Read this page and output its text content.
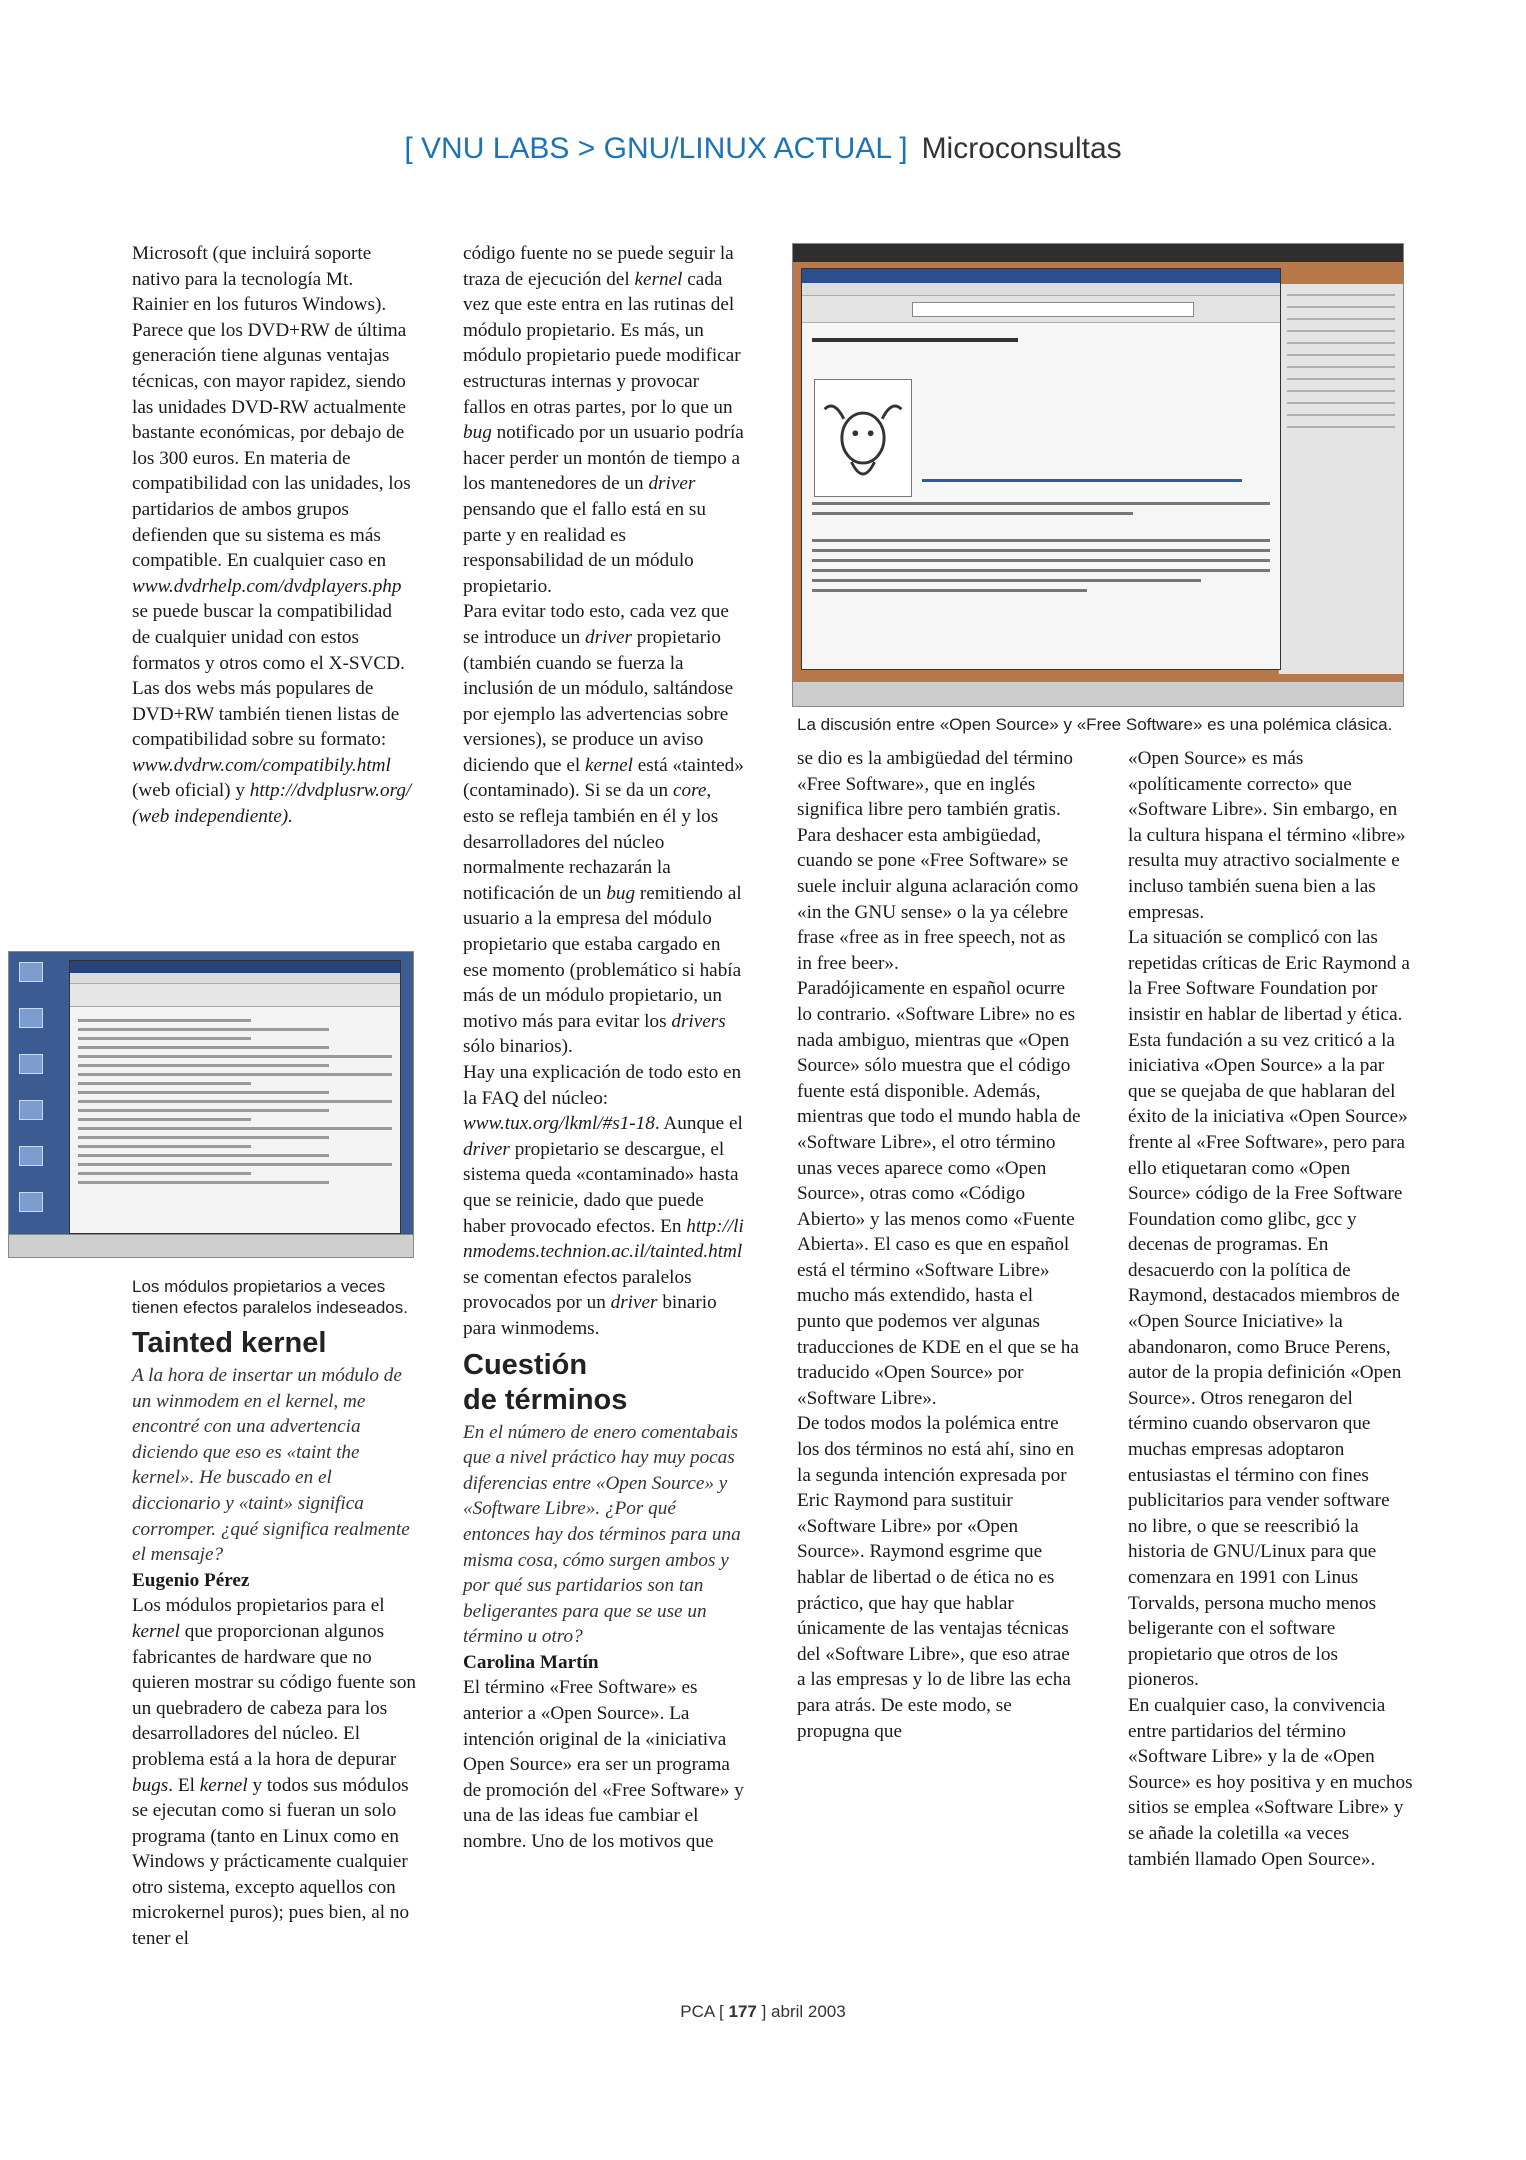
[ VNU LABS > GNU/LINUX ACTUAL ] Microconsultas

Microsoft (que incluirá soporte nativo para la tecnología Mt. Rainier en los futuros Windows). Parece que los DVD+RW de última generación tiene algunas ventajas técnicas, con mayor rapidez, siendo las unidades DVD-RW actualmente bastante económicas, por debajo de los 300 euros. En materia de compatibilidad con las unidades, los partidarios de ambos grupos defienden que su sistema es más compatible. En cualquier caso en www.dvdrhelp.com/dvdplayers.php se puede buscar la compatibilidad de cualquier unidad con estos formatos y otros como el X-SVCD. Las dos webs más populares de DVD+RW también tienen listas de compatibilidad sobre su formato: www.dvdrw.com/compatibily.html (web oficial) y http://dvdplusrw.org/ (web independiente).

Los módulos propietarios a veces tienen efectos paralelos indeseados.
Tainted kernel

A la hora de insertar un módulo de un winmodem en el kernel, me encontré con una advertencia diciendo que eso es «taint the kernel». He buscado en el diccionario y «taint» significa corromper. ¿qué significa realmente el mensaje?

Eugenio Pérez

Los módulos propietarios para el kernel que proporcionan algunos fabricantes de hardware que no quieren mostrar su código fuente son un quebradero de cabeza para los desarrolladores del núcleo. El problema está a la hora de depurar bugs. El kernel y todos sus módulos se ejecutan como si fueran un solo programa (tanto en Linux como en Windows y prácticamente cualquier otro sistema, excepto aquellos con microkernel puros); pues bien, al no tener el

código fuente no se puede seguir la traza de ejecución del kernel cada vez que este entra en las rutinas del módulo propietario. Es más, un módulo propietario puede modificar estructuras internas y provocar fallos en otras partes, por lo que un bug notificado por un usuario podría hacer perder un montón de tiempo a los mantenedores de un driver pensando que el fallo está en su parte y en realidad es responsabilidad de un módulo propietario.

Para evitar todo esto, cada vez que se introduce un driver propietario (también cuando se fuerza la inclusión de un módulo, saltándose por ejemplo las advertencias sobre versiones), se produce un aviso diciendo que el kernel está «tainted» (contaminado). Si se da un core, esto se refleja también en él y los desarrolladores del núcleo normalmente rechazarán la notificación de un bug remitiendo al usuario a la empresa del módulo propietario que estaba cargado en ese momento (problemático si había más de un módulo propietario, un motivo más para evitar los drivers sólo binarios).

Hay una explicación de todo esto en la FAQ del núcleo: www.tux.org/lkml/#s1-18. Aunque el driver propietario se descargue, el sistema queda «contaminado» hasta que se reinicie, dado que puede haber provocado efectos. En http://linmodems.technion.ac.il/tainted.html se comentan efectos paralelos provocados por un driver binario para winmodems.

Cuestión
de términos

En el número de enero comentabais que a nivel práctico hay muy pocas diferencias entre «Open Source» y «Software Libre». ¿Por qué entonces hay dos términos para una misma cosa, cómo surgen ambos y por qué sus partidarios son tan beligerantes para que se use un término u otro?

Carolina Martín

El término «Free Software» es anterior a «Open Source». La intención original de la «iniciativa Open Source» era ser un programa de promoción del «Free Software» y una de las ideas fue cambiar el nombre. Uno de los motivos que

La discusión entre «Open Source» y «Free Software» es una polémica clásica.

se dio es la ambigüedad del término «Free Software», que en inglés significa libre pero también gratis. Para deshacer esta ambigüedad, cuando se pone «Free Software» se suele incluir alguna aclaración como «in the GNU sense» o la ya célebre frase «free as in free speech, not as in free beer».

Paradójicamente en español ocurre lo contrario. «Software Libre» no es nada ambiguo, mientras que «Open Source» sólo muestra que el código fuente está disponible. Además, mientras que todo el mundo habla de «Software Libre», el otro término unas veces aparece como «Open Source», otras como «Código Abierto» y las menos como «Fuente Abierta». El caso es que en español está el término «Software Libre» mucho más extendido, hasta el punto que podemos ver algunas traducciones de KDE en el que se ha traducido «Open Source» por «Software Libre».

De todos modos la polémica entre los dos términos no está ahí, sino en la segunda intención expresada por Eric Raymond para sustituir «Software Libre» por «Open Source». Raymond esgrime que hablar de libertad o de ética no es práctico, que hay que hablar únicamente de las ventajas técnicas del «Software Libre», que eso atrae a las empresas y lo de libre las echa para atrás. De este modo, se propugna que

«Open Source» es más «políticamente correcto» que «Software Libre». Sin embargo, en la cultura hispana el término «libre» resulta muy atractivo socialmente e incluso también suena bien a las empresas.

La situación se complicó con las repetidas críticas de Eric Raymond a la Free Software Foundation por insistir en hablar de libertad y ética. Esta fundación a su vez criticó a la iniciativa «Open Source» a la par que se quejaba de que hablaran del éxito de la iniciativa «Open Source» frente al «Free Software», pero para ello etiquetaran como «Open Source» código de la Free Software Foundation como glibc, gcc y decenas de programas. En desacuerdo con la política de Raymond, destacados miembros de «Open Source Iniciative» la abandonaron, como Bruce Perens, autor de la propia definición «Open Source». Otros renegaron del término cuando observaron que muchas empresas adoptaron entusiastas el término con fines publicitarios para vender software no libre, o que se reescribió la historia de GNU/Linux para que comenzara en 1991 con Linus Torvalds, persona mucho menos beligerante con el software propietario que otros de los pioneros.

En cualquier caso, la convivencia entre partidarios del término «Software Libre» y la de «Open Source» es hoy positiva y en muchos sitios se emplea «Software Libre» y se añade la coletilla «a veces también llamado Open Source».

PCA [ 177 ] abril 2003
